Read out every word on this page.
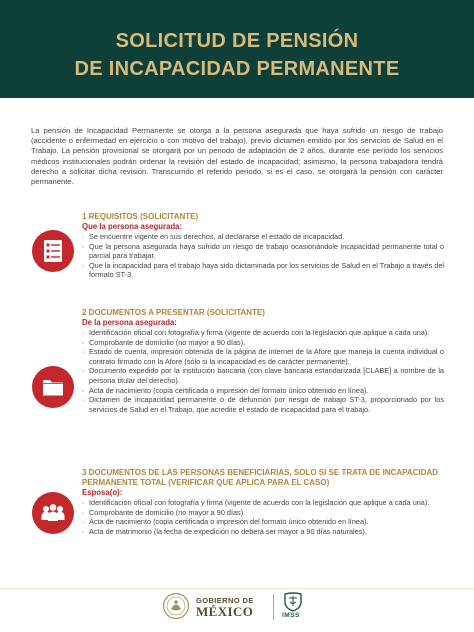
SOLICITUD DE PENSIÓN
DE INCAPACIDAD PERMANENTE

La pensión de Incapacidad Permanente se otorga a la persona asegurada que haya sufrido un riesgo de trabajo (accidente o enfermedad en ejercicio o con motivo del trabajo), previo dictamen emitido por los servicios de Salud en el Trabajo. La pensión provisional se otorgará por un periodo de adaptación de 2 años, durante ese periodo los servicios médicos institucionales podrán ordenar la revisión del estado de incapacidad; asimismo, la persona trabajadora tendrá derecho a solicitar dicha revisión. Transcurrido el referido periodo, si es el caso, se otorgará la pensión con carácter permanente.

1 REQUISITOS (SOLICITANTE)
Que la persona asegurada:
· Se encuentre vigente en sus derechos, al declararse el estado de incapacidad.
· Que la persona asegurada haya sufrido un riesgo de trabajo ocasionándole incapacidad permanente total o parcial para trabajar.
· Que la incapacidad para el trabajo haya sido dictaminada por los servicios de Salud en el Trabajo a través del formato ST-3.
2 DOCUMENTOS A PRESENTAR (SOLICITANTE)
De la persona asegurada:
· Identificación oficial con fotografía y firma (vigente de acuerdo con la legislación que aplique a cada una).
· Comprobante de domicilio (no mayor a 90 días).
· Estado de cuenta, impresión obtenida de la página de internet de la Afore que maneja la cuenta individual o contrato firmado con la Afore (sólo si la incapacidad es de carácter permanente).
· Documento expedido por la institución bancaria (con clave bancaria estandarizada [CLABE] a nombre de la persona titular del derecho).
· Acta de nacimiento (copia certificada o impresión del formato único obtenido en línea).
· Dictamen de incapacidad permanente o de defunción por riesgo de trabajo ST-3, proporcionado por los servicios de Salud en el Trabajo, que acredite el estado de incapacidad para el trabajo.
3 DOCUMENTOS DE LAS PERSONAS BENEFICIARIAS, SOLO SI SE TRATA DE INCAPACIDAD PERMANENTE TOTAL (VERIFICAR QUE APLICA PARA EL CASO)
Esposa(o):
· Identificación oficial con fotografía y firma (vigente de acuerdo con la legislación que aplique a cada una).
· Comprobante de domicilio (no mayor a 90 días).
· Acta de nacimiento (copia certificada o impresión del formato único obtenido en línea).
· Acta de matrimonio (la fecha de expedición no deberá ser mayor a 90 días naturales).
GOBIERNO DE
MÉXICO	IMSS
